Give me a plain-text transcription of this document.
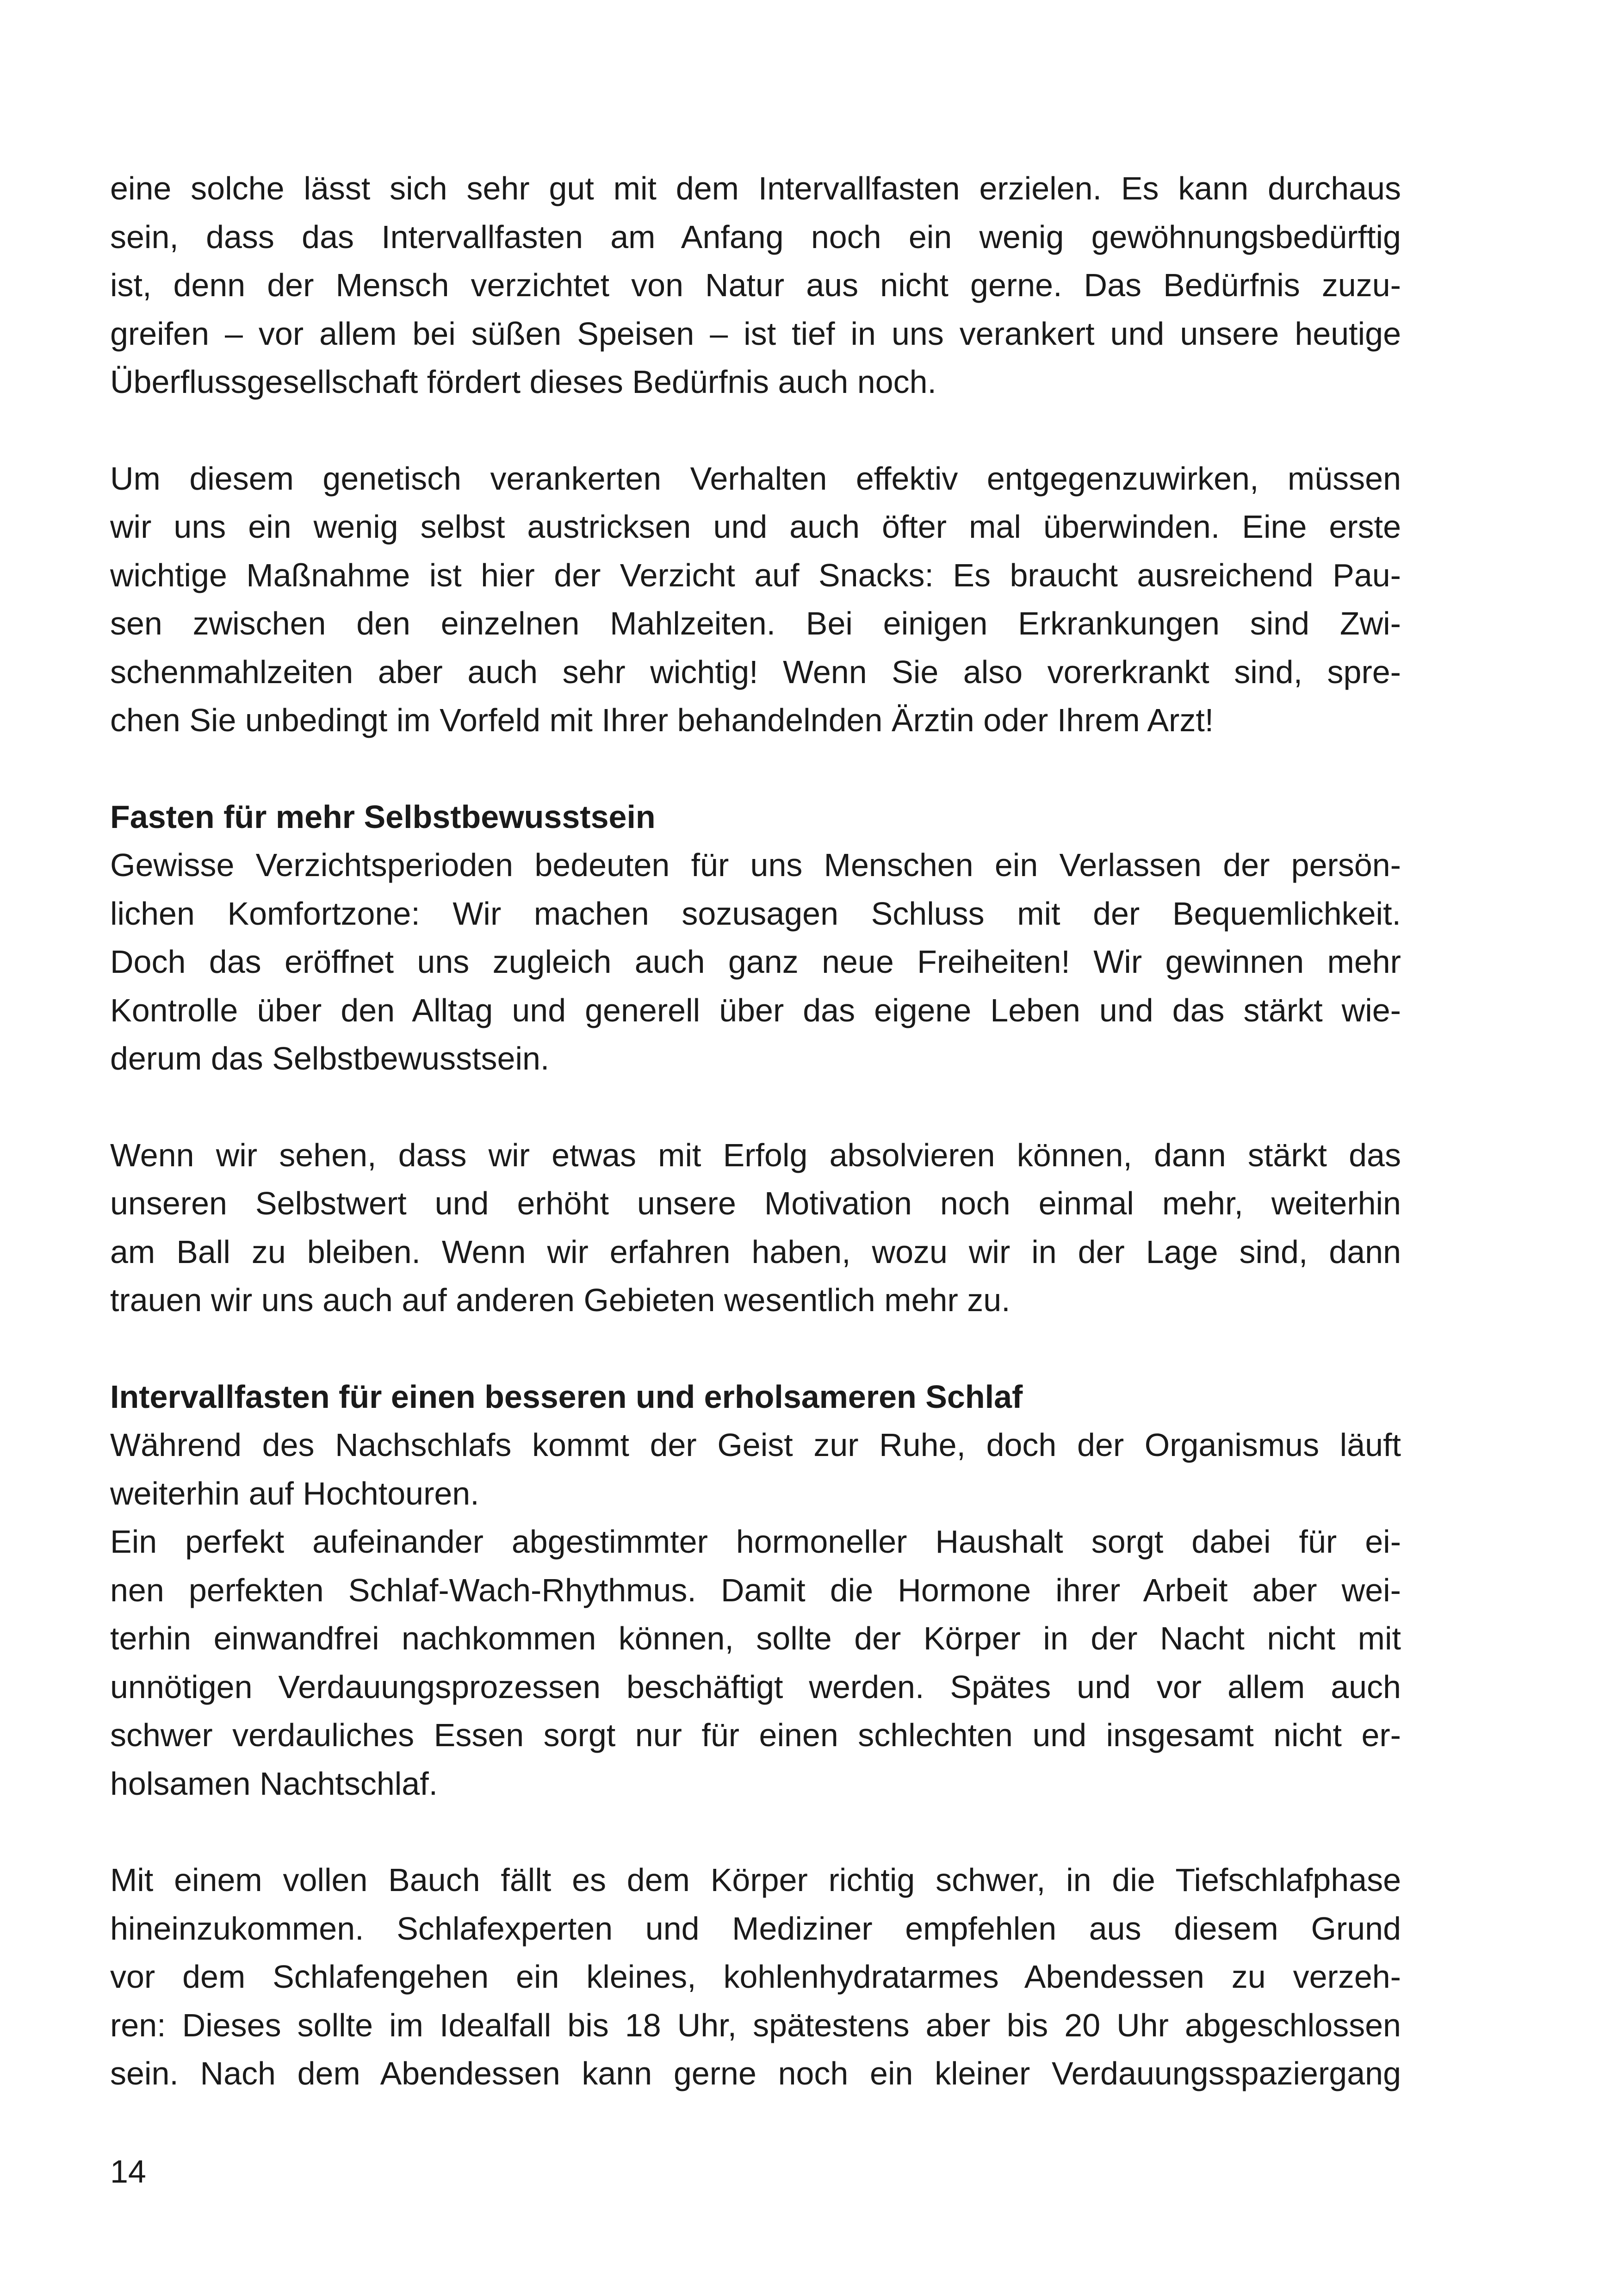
eine solche lässt sich sehr gut mit dem Intervallfasten erzielen. Es kann durchaus
sein, dass das Intervallfasten am Anfang noch ein wenig gewöhnungsbedürftig
ist, denn der Mensch verzichtet von Natur aus nicht gerne. Das Bedürfnis zuzu-
greifen – vor allem bei süßen Speisen – ist tief in uns verankert und unsere heutige
Überflussgesellschaft fördert dieses Bedürfnis auch noch.

Um diesem genetisch verankerten Verhalten effektiv entgegenzuwirken, müssen
wir uns ein wenig selbst austricksen und auch öfter mal überwinden. Eine erste
wichtige Maßnahme ist hier der Verzicht auf Snacks: Es braucht ausreichend Pau-
sen zwischen den einzelnen Mahlzeiten. Bei einigen Erkrankungen sind Zwi-
schenmahlzeiten aber auch sehr wichtig! Wenn Sie also vorerkrankt sind, spre-
chen Sie unbedingt im Vorfeld mit Ihrer behandelnden Ärztin oder Ihrem Arzt!

Fasten für mehr Selbstbewusstsein

Gewisse Verzichtsperioden bedeuten für uns Menschen ein Verlassen der persön-
lichen Komfortzone: Wir machen sozusagen Schluss mit der Bequemlichkeit.
Doch das eröffnet uns zugleich auch ganz neue Freiheiten! Wir gewinnen mehr
Kontrolle über den Alltag und generell über das eigene Leben und das stärkt wie-
derum das Selbstbewusstsein.

Wenn wir sehen, dass wir etwas mit Erfolg absolvieren können, dann stärkt das
unseren Selbstwert und erhöht unsere Motivation noch einmal mehr, weiterhin
am Ball zu bleiben. Wenn wir erfahren haben, wozu wir in der Lage sind, dann
trauen wir uns auch auf anderen Gebieten wesentlich mehr zu.

Intervallfasten für einen besseren und erholsameren Schlaf

Während des Nachschlafs kommt der Geist zur Ruhe, doch der Organismus läuft
weiterhin auf Hochtouren.

Ein perfekt aufeinander abgestimmter hormoneller Haushalt sorgt dabei für ei-
nen perfekten Schlaf-Wach-Rhythmus. Damit die Hormone ihrer Arbeit aber wei-
terhin einwandfrei nachkommen können, sollte der Körper in der Nacht nicht mit
unnötigen Verdauungsprozessen beschäftigt werden. Spätes und vor allem auch
schwer verdauliches Essen sorgt nur für einen schlechten und insgesamt nicht er-
holsamen Nachtschlaf.

Mit einem vollen Bauch fällt es dem Körper richtig schwer, in die Tiefschlafphase
hineinzukommen. Schlafexperten und Mediziner empfehlen aus diesem Grund
vor dem Schlafengehen ein kleines, kohlenhydratarmes Abendessen zu verzeh-
ren: Dieses sollte im Idealfall bis 18 Uhr, spätestens aber bis 20 Uhr abgeschlossen
sein. Nach dem Abendessen kann gerne noch ein kleiner Verdauungsspaziergang

14
